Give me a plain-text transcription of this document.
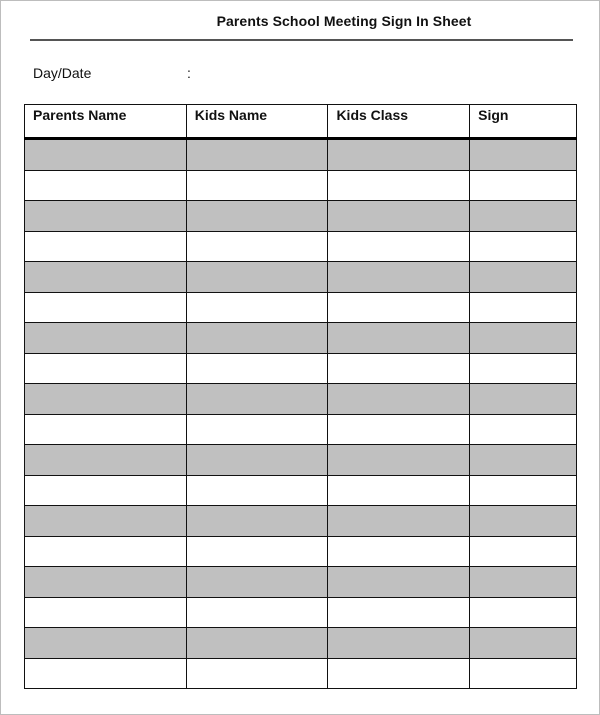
Parents School Meeting Sign In Sheet
Day/Date	:
Parents Name	Kids Name	Kids Class	Sign
